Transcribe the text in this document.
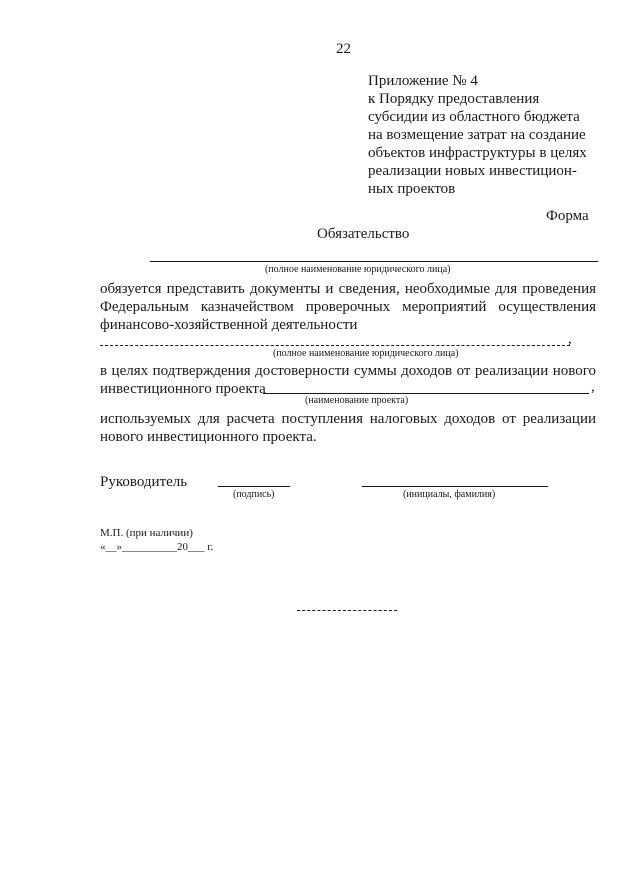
22
Приложение № 4
к Порядку предоставления
субсидии из областного бюджета
на возмещение затрат на создание
объектов инфраструктуры в целях
реализации новых инвестицион-
ных проектов
Форма
Обязательство
(полное наименование юридического лица)
обязуется представить документы и сведения, необходимые для проведения
Федеральным казначейством проверочных мероприятий осуществления
финансово-хозяйственной деятельности
,
(полное наименование юридического лица)
в целях подтверждения достоверности суммы доходов от реализации нового
инвестиционного проекта	,
(наименование проекта)
используемых для расчета поступления налоговых доходов от реализации
нового инвестиционного проекта.
Руководитель
(подпись)	(инициалы, фамилия)
М.П. (при наличии)
«__»__________20___ г.
